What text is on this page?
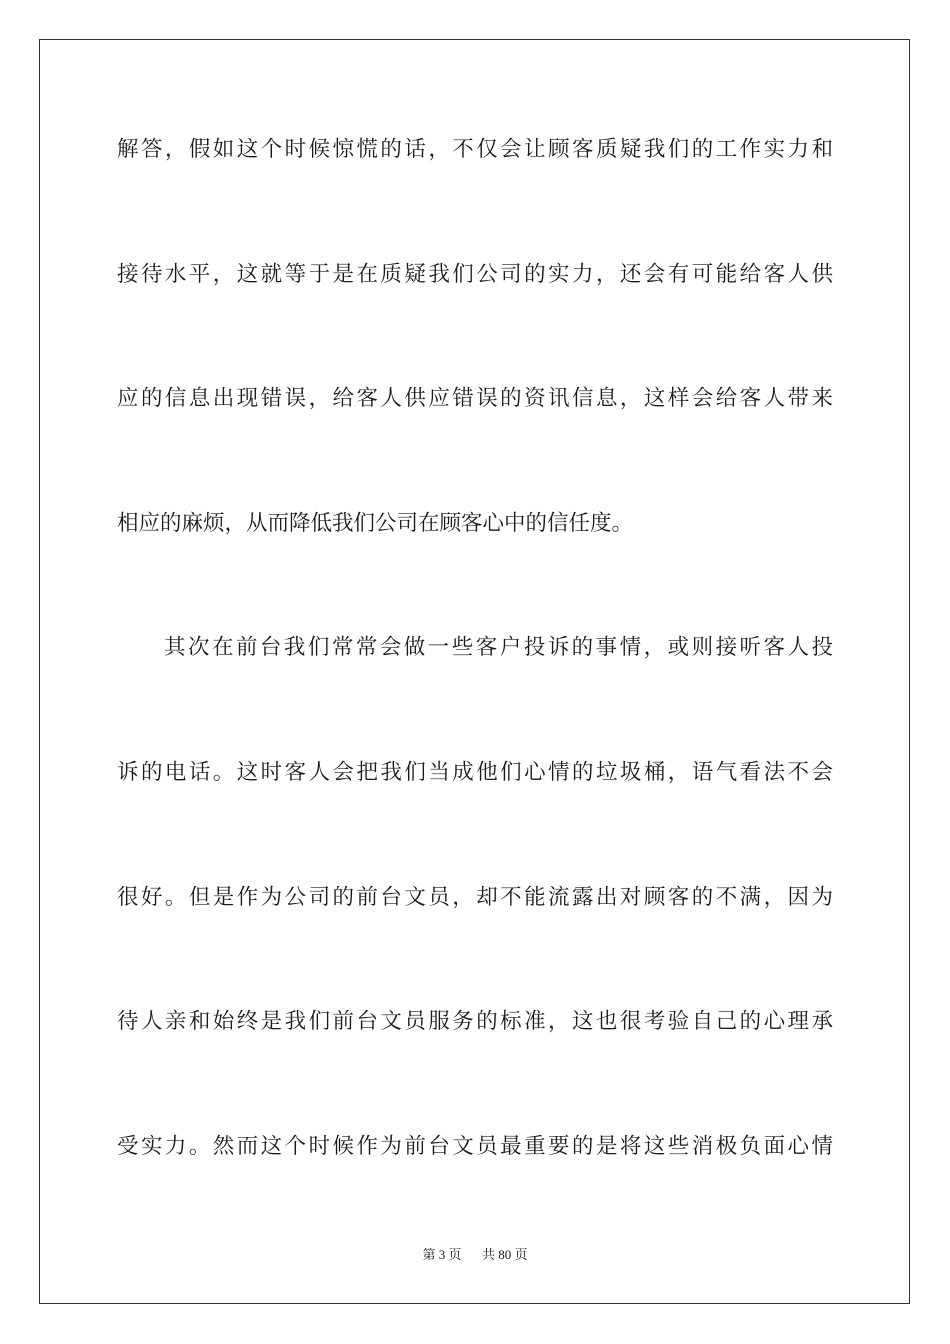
解答，假如这个时候惊慌的话，不仅会让顾客质疑我们的工作实力和
接待水平，这就等于是在质疑我们公司的实力，还会有可能给客人供
应的信息出现错误，给客人供应错误的资讯信息，这样会给客人带来
相应的麻烦，从而降低我们公司在顾客心中的信任度。
其次在前台我们常常会做一些客户投诉的事情，或则接听客人投
诉的电话。这时客人会把我们当成他们心情的垃圾桶，语气看法不会
很好。但是作为公司的前台文员，却不能流露出对顾客的不满，因为
待人亲和始终是我们前台文员服务的标准，这也很考验自己的心理承
受实力。然而这个时候作为前台文员最重要的是将这些消极负面心情
第 3 页 共 80 页
